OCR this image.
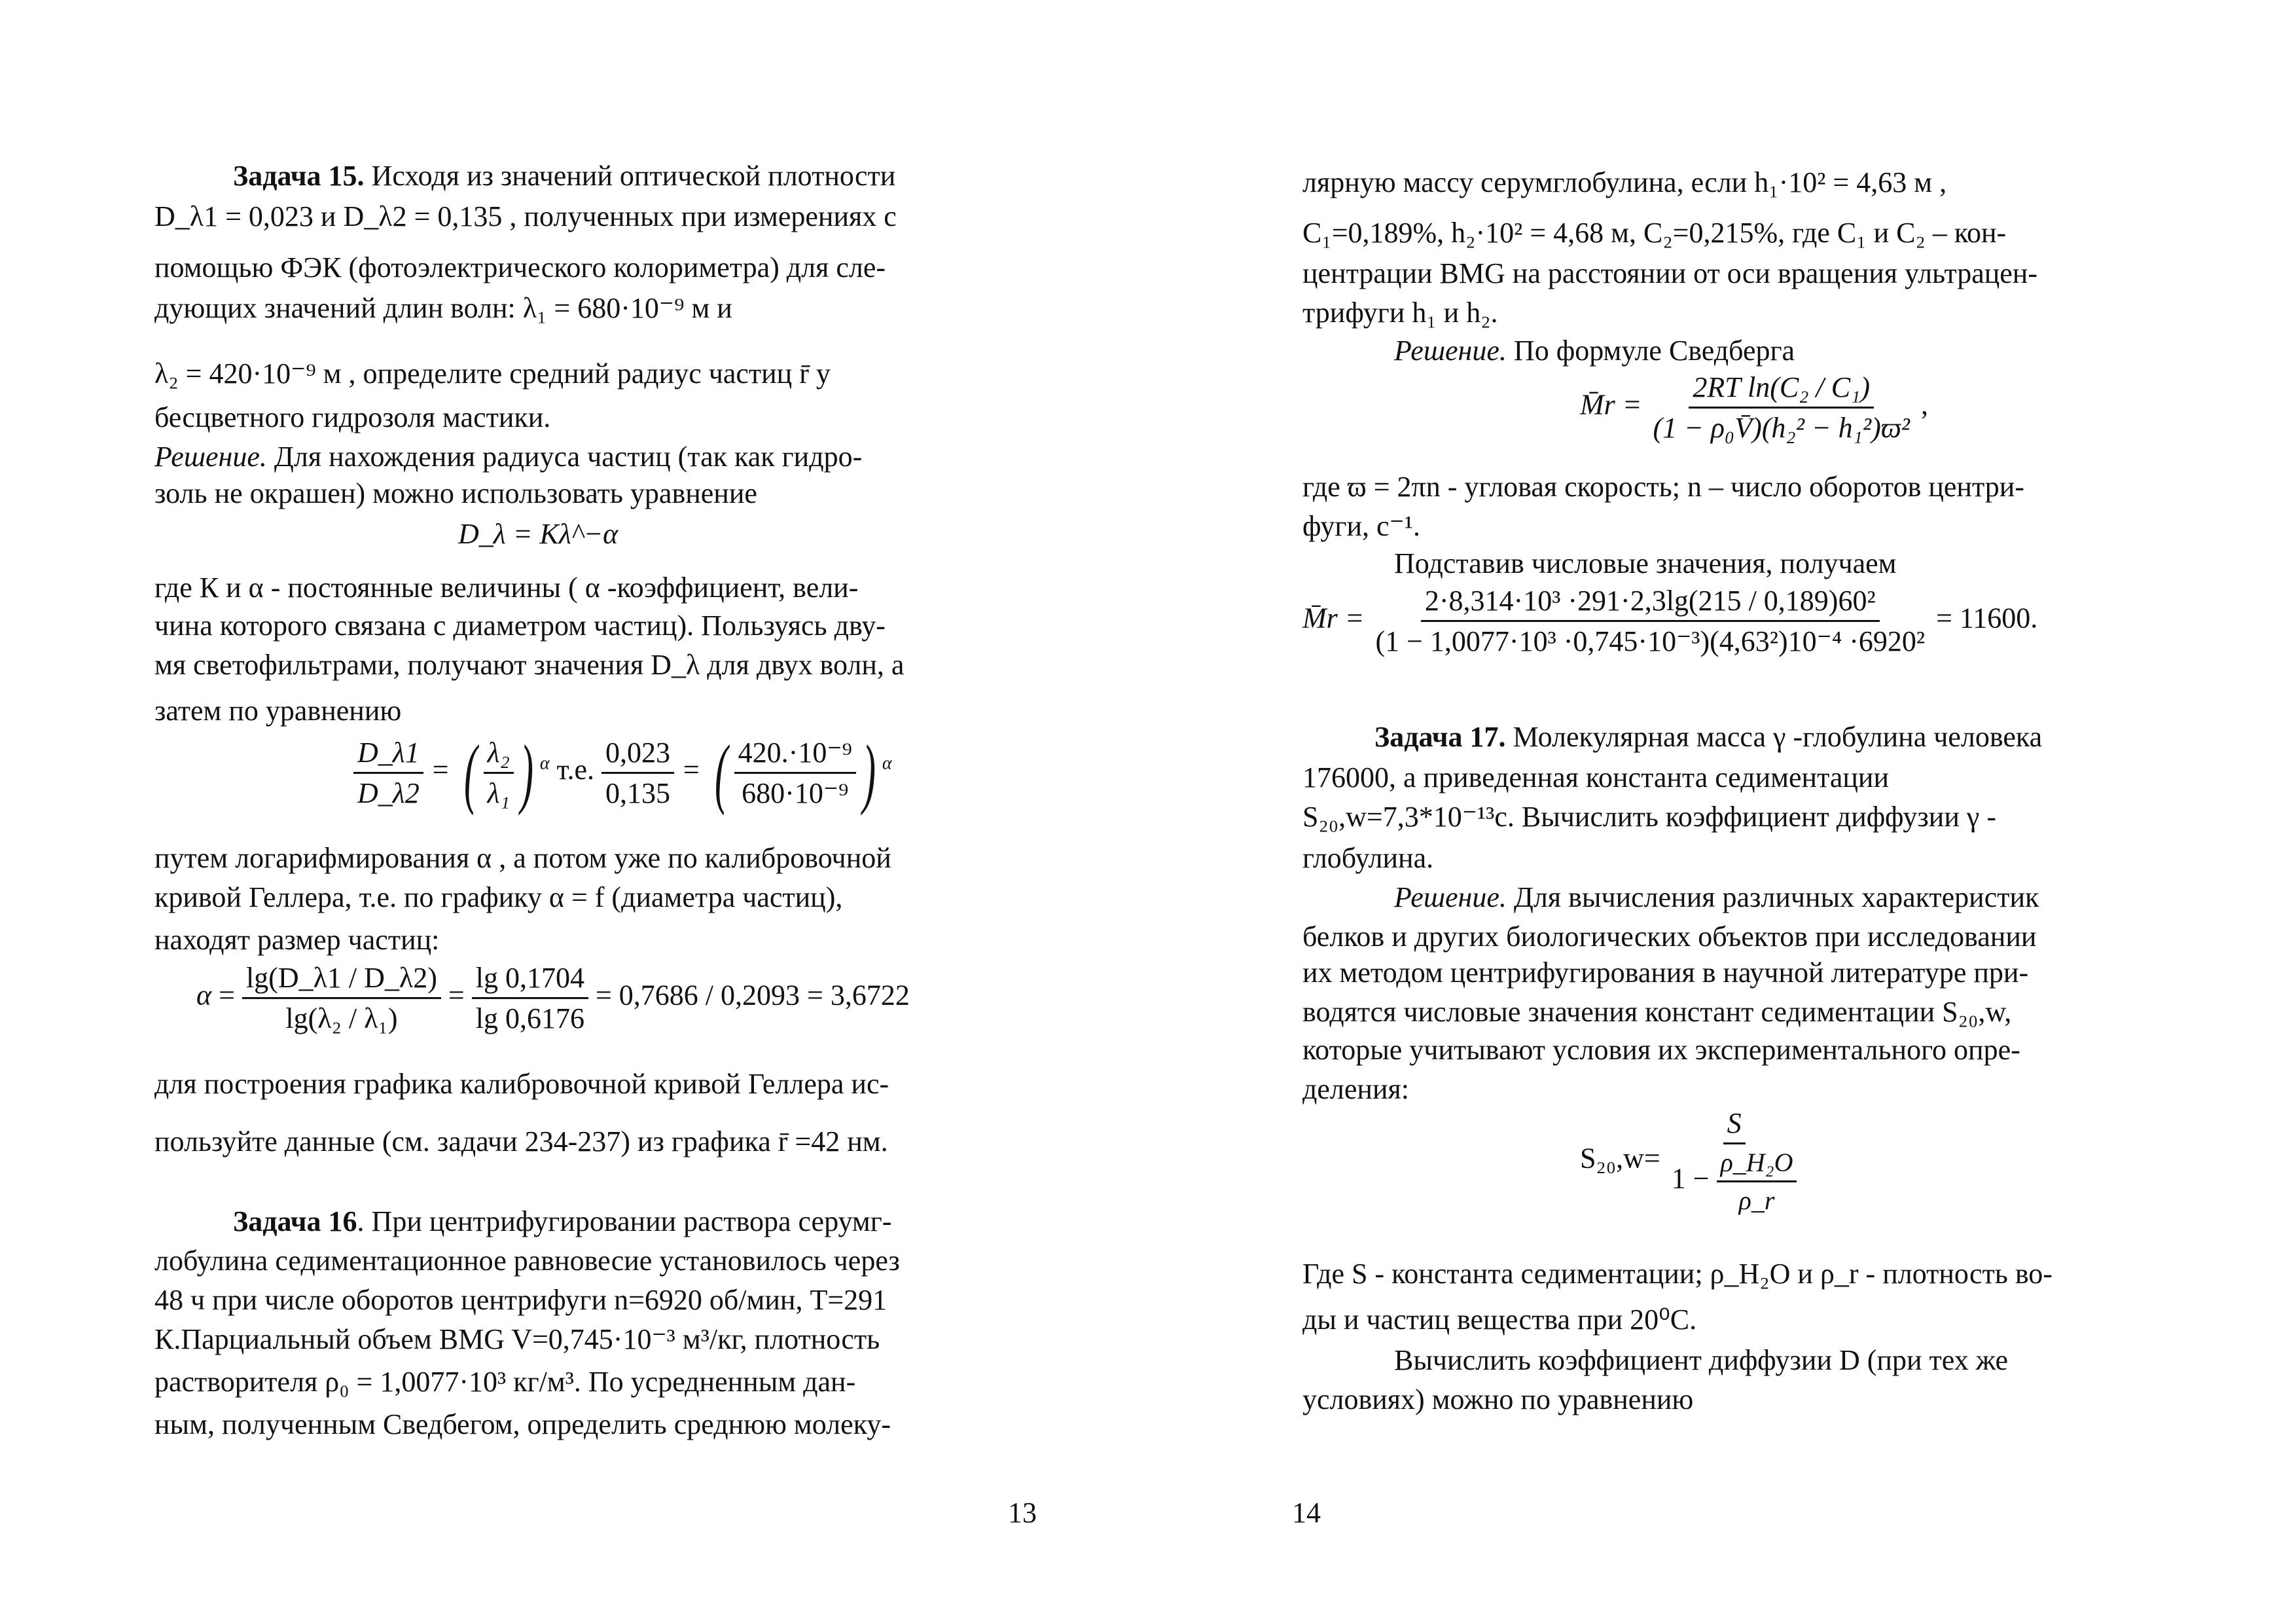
Задача 15. Исходя из значений оптической плотности
D_λ1 = 0,023 и D_λ2 = 0,135 , полученных при измерениях с
помощью ФЭК (фотоэлектрического колориметра) для сле-
дующих значений длин волн: λ₁ = 680·10⁻⁹ м и
λ₂ = 420·10⁻⁹ м , определите средний радиус частиц r̄ у
бесцветного гидрозоля мастики.
Решение. Для нахождения радиуса частиц (так как гидро-
золь не окрашен) можно использовать уравнение
D_λ = Kλ^−α
где К и α - постоянные величины ( α -коэффициент, вели-
чина которого связана с диаметром частиц). Пользуясь дву-
мя светофильтрами, получают значения D_λ для двух волн, а
затем по уравнению
$\frac{D\_\lambda 1}{D\_\lambda 2}$ = ( $\frac{\text{λ₂}}{\text{λ₁}}$ ) $^\alpha$ т.е. $\frac{0,023}{0,135}$ = ( $\frac{\text{420.·10⁻⁹}}{\text{680·10⁻⁹}}$ ) $^\alpha$
путем логарифмирования α , а потом уже по калибровочной
кривой Геллера, т.е. по графику α = f (диаметра частиц),
находят размер частиц:
$\alpha = \frac{\lg(D\_\lambda 1 / D\_\lambda 2)}{\text{lg(λ₂ / λ₁)}} = \frac{\lg 0,1704}{\lg 0,6176} = 0,7686 / 0,2093 = 3,6722$
для построения графика калибровочной кривой Геллера ис-
пользуйте данные (см. задачи 234-237) из графика r̄ =42 нм.
Задача 16. При центрифугировании раствора серумг-
лобулина седиментационное равновесие установилось через
48 ч при числе оборотов центрифуги n=6920 об/мин, T=291
К.Парциальный объем BMG V=0,745·10⁻³ м³/кг, плотность
растворителя ρ₀ = 1,0077·10³ кг/м³. По усредненным дан-
ным, полученным Сведбегом, определить среднюю молеку-
13
лярную массу серумглобулина, если h₁·10² = 4,63 м ,
C₁=0,189%, h₂·10² = 4,68 м, C₂=0,215%, где C₁ и C₂ – кон-
центрации BMG на расстоянии от оси вращения ультрацен-
трифуги h₁ и h₂.
Решение. По формуле Сведберга
M̄r = $\frac{\text{2RT ln(C₂ / C₁)}}{\text{(1 − ρ₀V̄)(h₂² − h₁²)ϖ²}}$ ,
где ϖ = 2πn - угловая скорость; n – число оборотов центри-
фуги, c⁻¹.
Подставив числовые значения, получаем
M̄r = $\frac{\text{2·8,314·10³ ·291·2,3lg(215 / 0,189)60²}}{\text{(1 − 1,0077·10³ ·0,745·10⁻³)(4,63²)10⁻⁴ ·6920²}} = 11600$.
Задача 17. Молекулярная масса γ -глобулина человека
176000, а приведенная константа седиментации
S₂₀,w=7,3*10⁻¹³с. Вычислить коэффициент диффузии γ -
глобулина.
Решение. Для вычисления различных характеристик
белков и других биологических объектов при исследовании
их методом центрифугирования в научной литературе при-
водятся числовые значения констант седиментации S₂₀,w,
которые учитывают условия их экспериментального опре-
деления:
$S_{20},w= \frac{S}{1 - \frac{\text{ρ\_H₂O}}{\rho\_r}}$
Где S - константа седиментации; ρ_H₂O и ρ_r - плотность во-
ды и частиц вещества при 20⁰С.
Вычислить коэффициент диффузии D (при тех же
условиях) можно по уравнению
14
